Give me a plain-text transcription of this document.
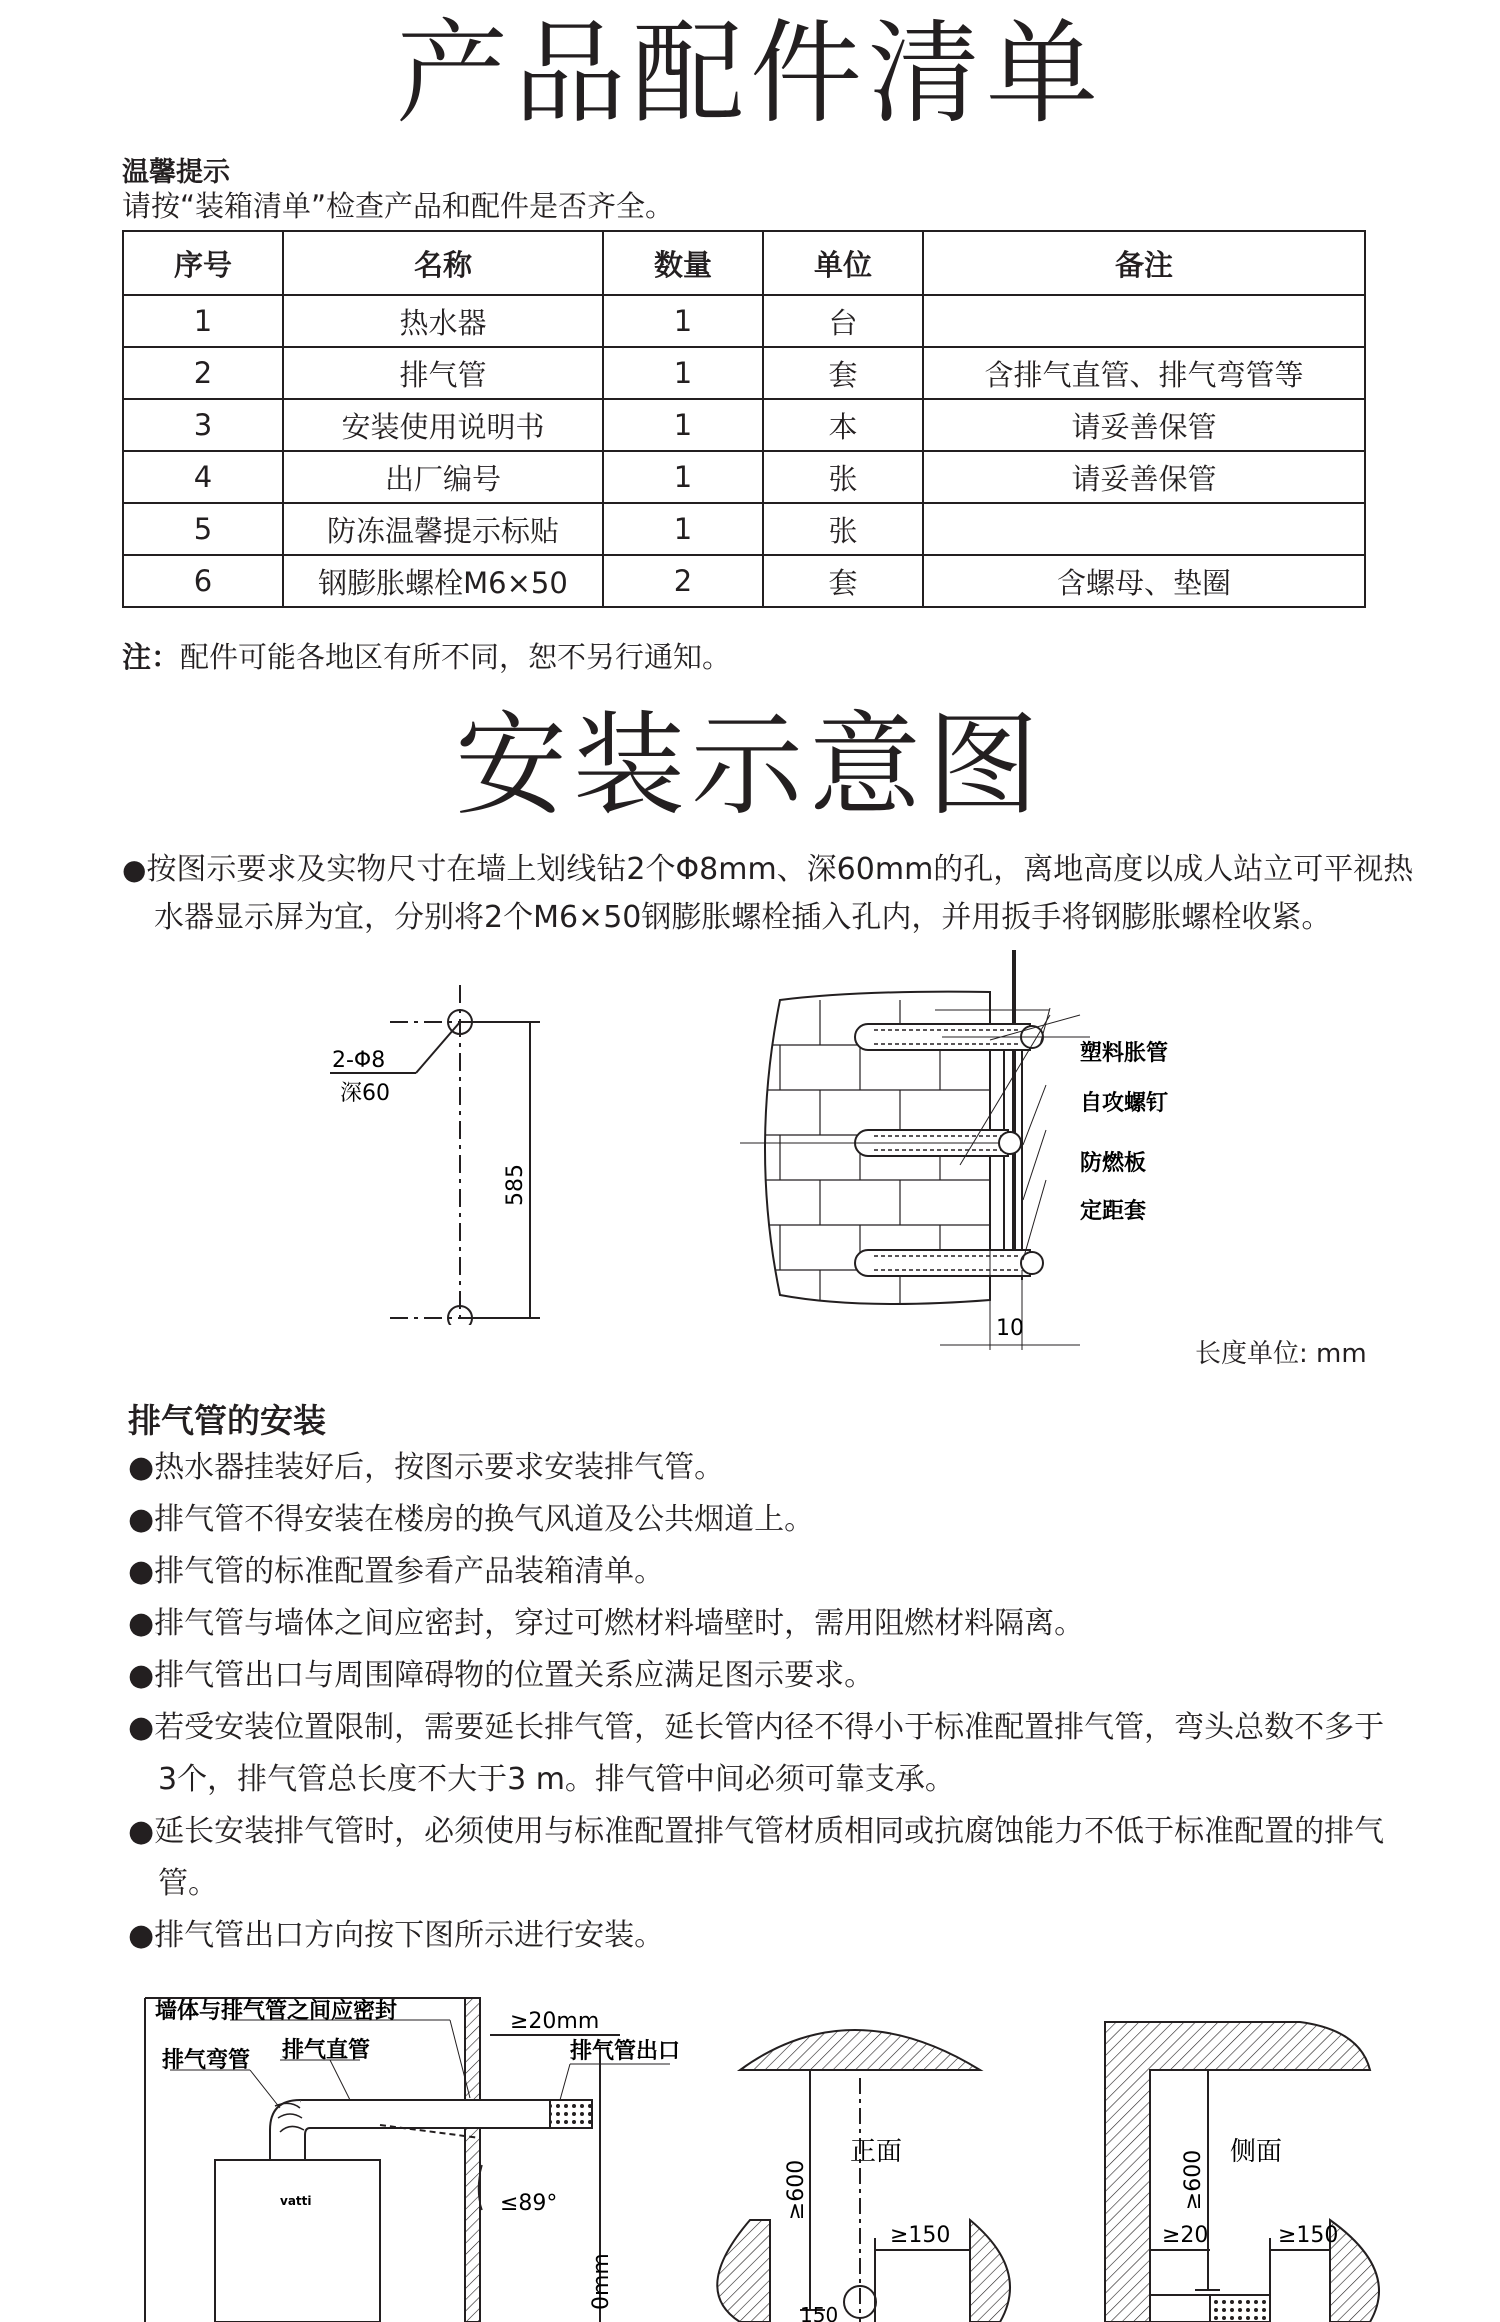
产品配件清单
温馨提示
请按“装箱清单”检查产品和配件是否齐全。
序号	名称	数量	单位	备注
1	热水器	1	台	
2	排气管	1	套	含排气直管、排气弯管等
3	安装使用说明书	1	本	请妥善保管
4	出厂编号	1	张	请妥善保管
5	防冻温馨提示标贴	1	张	
6	钢膨胀螺栓M6×50	2	套	含螺母、垫圈
注：配件可能各地区有所不同，恕不另行通知。
安装示意图
●按图示要求及实物尺寸在墙上划线钻2个Φ8mm、深60mm的孔，离地高度以成人站立可平视热水器显示屏为宜，分别将2个M6×50钢膨胀螺栓插入孔内，并用扳手将钢膨胀螺栓收紧。
2-Φ8
深60
585
塑料胀管
自攻螺钉
防燃板
定距套
10
长度单位: mm
排气管的安装
●热水器挂装好后，按图示要求安装排气管。
●排气管不得安装在楼房的换气风道及公共烟道上。
●排气管的标准配置参看产品装箱清单。
●排气管与墙体之间应密封，穿过可燃材料墙壁时，需用阻燃材料隔离。
●排气管出口与周围障碍物的位置关系应满足图示要求。
●若受安装位置限制，需要延长排气管，延长管内径不得小于标准配置排气管，弯头总数不多于3个，排气管总长度不大于3 m。排气管中间必须可靠支承。
●延长安装排气管时，必须使用与标准配置排气管材质相同或抗腐蚀能力不低于标准配置的排气管。
●排气管出口方向按下图所示进行安装。
墙体与排气管之间应密封
排气弯管 排气直管	排气管出口
≥20mm
≤89°
vatti
0mm
≥600
正面
≥150
150
≥600 侧面
≥20	≥150
